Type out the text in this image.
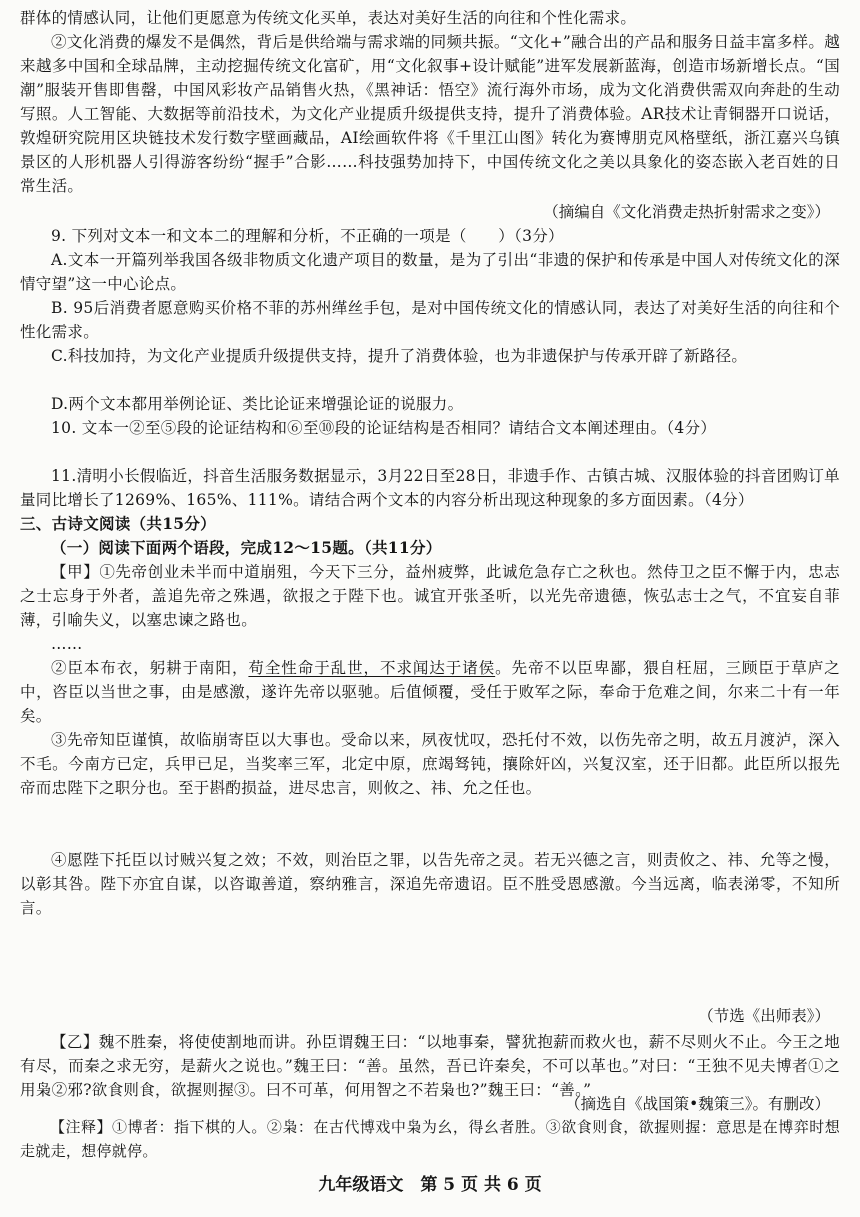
群体的情感认同，让他们更愿意为传统文化买单，表达对美好生活的向往和个性化需求。

②文化消费的爆发不是偶然，背后是供给端与需求端的同频共振。“文化+”融合出的产品和服务日益丰富多样。越来越多中国和全球品牌，主动挖掘传统文化富矿，用“文化叙事+设计赋能”进军发展新蓝海，创造市场新增长点。“国潮”服装开售即售罄，中国风彩妆产品销售火热，《黑神话：悟空》流行海外市场，成为文化消费供需双向奔赴的生动写照。人工智能、大数据等前沿技术，为文化产业提质升级提供支持，提升了消费体验。AR技术让青铜器开口说话，敦煌研究院用区块链技术发行数字壁画藏品，AI绘画软件将《千里江山图》转化为赛博朋克风格壁纸，浙江嘉兴乌镇景区的人形机器人引得游客纷纷“握手”合影……科技强势加持下，中国传统文化之美以具象化的姿态嵌入老百姓的日常生活。

（摘编自《文化消费走热折射需求之变》）

9. 下列对文本一和文本二的理解和分析，不正确的一项是（　　）（3分）

A.文本一开篇列举我国各级非物质文化遗产项目的数量，是为了引出“非遗的保护和传承是中国人对传统文化的深情守望”这一中心论点。

B. 95后消费者愿意购买价格不菲的苏州缂丝手包，是对中国传统文化的情感认同，表达了对美好生活的向往和个性化需求。

C.科技加持，为文化产业提质升级提供支持，提升了消费体验，也为非遗保护与传承开辟了新路径。

D.两个文本都用举例论证、类比论证来增强论证的说服力。

10. 文本一②至⑤段的论证结构和⑥至⑩段的论证结构是否相同？请结合文本阐述理由。（4分）

11.清明小长假临近，抖音生活服务数据显示，3月22日至28日，非遗手作、古镇古城、汉服体验的抖音团购订单量同比增长了1269%、165%、111%。请结合两个文本的内容分析出现这种现象的多方面因素。（4分）

三、古诗文阅读（共15分）

（一）阅读下面两个语段，完成12～15题。（共11分）

【甲】①先帝创业未半而中道崩殂，今天下三分，益州疲弊，此诚危急存亡之秋也。然侍卫之臣不懈于内，忠志之士忘身于外者，盖追先帝之殊遇，欲报之于陛下也。诚宜开张圣听，以光先帝遗德，恢弘志士之气，不宜妄自菲薄，引喻失义，以塞忠谏之路也。

……

②臣本布衣，躬耕于南阳，苟全性命于乱世，不求闻达于诸侯。先帝不以臣卑鄙，猥自枉屈，三顾臣于草庐之中，咨臣以当世之事，由是感激，遂许先帝以驱驰。后值倾覆，受任于败军之际，奉命于危难之间，尔来二十有一年矣。

③先帝知臣谨慎，故临崩寄臣以大事也。受命以来，夙夜忧叹，恐托付不效，以伤先帝之明，故五月渡泸，深入不毛。今南方已定，兵甲已足，当奖率三军，北定中原，庶竭驽钝，攘除奸凶，兴复汉室，还于旧都。此臣所以报先帝而忠陛下之职分也。至于斟酌损益，进尽忠言，则攸之、祎、允之任也。

④愿陛下托臣以讨贼兴复之效；不效，则治臣之罪，以告先帝之灵。若无兴德之言，则责攸之、祎、允等之慢，以彰其咎。陛下亦宜自谋，以咨诹善道，察纳雅言，深追先帝遗诏。臣不胜受恩感激。今当远离，临表涕零，不知所言。

（节选《出师表》）

【乙】魏不胜秦，将使使割地而讲。孙臣谓魏王曰：“以地事秦，譬犹抱薪而救火也，薪不尽则火不止。今王之地有尽，而秦之求无穷，是薪火之说也。”魏王曰：“善。虽然，吾已许秦矣，不可以革也。”对曰：“王独不见夫博者①之用枭②邪?欲食则食，欲握则握③。曰不可革，何用智之不若枭也?”魏王曰：“善。”

（摘选自《战国策•魏策三》。有删改）

九年级语文　第 5 页 共 6 页

【注释】①博者：指下棋的人。②枭：在古代博戏中枭为幺，得幺者胜。③欲食则食，欲握则握：意思是在博弈时想走就走，想停就停。
